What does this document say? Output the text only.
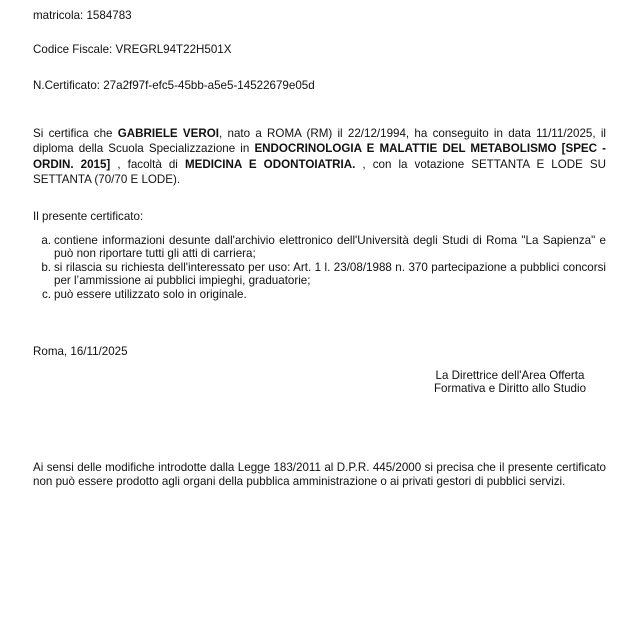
matricola: 1584783
Codice Fiscale: VREGRL94T22H501X
N.Certificato: 27a2f97f-efc5-45bb-a5e5-14522679e05d
Si certifica che GABRIELE VEROI, nato a ROMA (RM) il 22/12/1994, ha conseguito in data 11/11/2025, il diploma della Scuola Specializzazione in ENDOCRINOLOGIA E MALATTIE DEL METABOLISMO [SPEC - ORDIN. 2015] , facoltà di MEDICINA E ODONTOIATRIA. , con la votazione SETTANTA E LODE SU SETTANTA (70/70 E LODE).
Il presente certificato:
a. contiene informazioni desunte dall'archivio elettronico dell'Università degli Studi di Roma "La Sapienza" e può non riportare tutti gli atti di carriera;
b. si rilascia su richiesta dell'interessato per uso: Art. 1 l. 23/08/1988 n. 370 partecipazione a pubblici concorsi per l’ammissione ai pubblici impieghi, graduatorie;
c. può essere utilizzato solo in originale.
Roma, 16/11/2025
La Direttrice dell'Area Offerta
Formativa e Diritto allo Studio
Ai sensi delle modifiche introdotte dalla Legge 183/2011 al D.P.R. 445/2000 si precisa che il presente certificato non può essere prodotto agli organi della pubblica amministrazione o ai privati gestori di pubblici servizi.
